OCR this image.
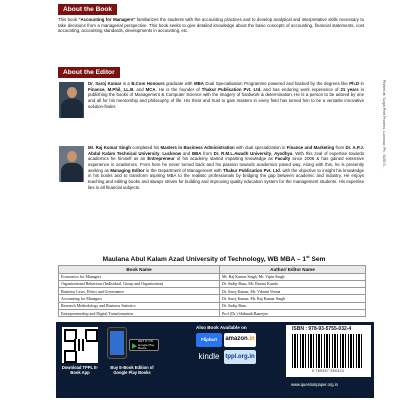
About the Book
This book "Accounting for Managers" familiarizes the students with the accounting practices and to develop analytical and interpretative skills necessary to take decisions from a managerial perspective. This book seeks to give detailed knowledge about the basic concepts of accounting, financial statements, cost accounting, accounting standards, developments in accounting, etc.
About the Editor
Dr. Saroj Kumar is a B.Com Honours graduate with MBA Dual Specialisation Programme powered and backed by the degrees like Ph.D in Finance, M.Phil, LL.B. and MCA. He is the founder of Thakur Publication Pvt. Ltd. and has enduring work experience of 21 years in publishing the books of Management & Computer Science with the imagery of hardwork & determination. He is a person to be adored by one and all for his mentorship and philosophy of life. His thirst and trust to gain masters in every field has turned him to be a versatile innovative solution-finder.
Mr. Raj Kumar Singh completed his Masters in Business Administration with dual specialization in Finance and Marketing from Dr. A.P.J. Abdul Kalam Technical University, Lucknow and BBA from Dr. R.M.L.Awadh University, Ayodhya. With this zeal of expertise towards academics he himself as an Entrepreneur of his academy started imparting knowledge as Faculty since 2006 & has gained extensive experience in academics. From here he never turned back and his passion towards academics paved way. Along with this, he is presently working as Managing Editor in the Department of Management with Thakur Publication Pvt. Ltd. with the objective to insight his knowledge in his books and to transform aspiring MBA to the realistic professionals by bridging the gap between academic and industry. He enjoys teaching and editing books and always strives for building and improving quality education system for the management students. His expertise lies in all financial subjects.
Printed at: Surya Print Process, Lucknow. Ph.: 9235 5...
Maulana Abul Kalam Azad University of Technology, WB MBA – 1st Sem
Book Name	Author/ Editor Name
Economics for Managers	Mr. Raj Kumar Singh, Mr. Vipin Singh
Organizational Behaviour (Individual, Group and Organization)	Dr. Sudip Basu, Mr. Iltutmi Kundu
Business Laws, Ethics and Governance	Dr. Saroj Kumar, Mr. Vikrant Verma
Accounting for Managers	Dr. Saroj Kumar, Mr. Raj Kumar Singh
Research Methodology and Business Statistics	Dr. Sudip Basu
Entrepreneurship and Digital Transformation	Prof (Dr.) Shibnath Banerjee
Download TPPL E-Book App
GET IT ON Google Play Books
Buy E-Book Edition of Google Play Books
Also Book Available on
Flipkart	amazon.in
kindle tppl.org.in
ISBN : 978-93-5755-032-4
9 789357 550324
www.questionpaper.org.in
